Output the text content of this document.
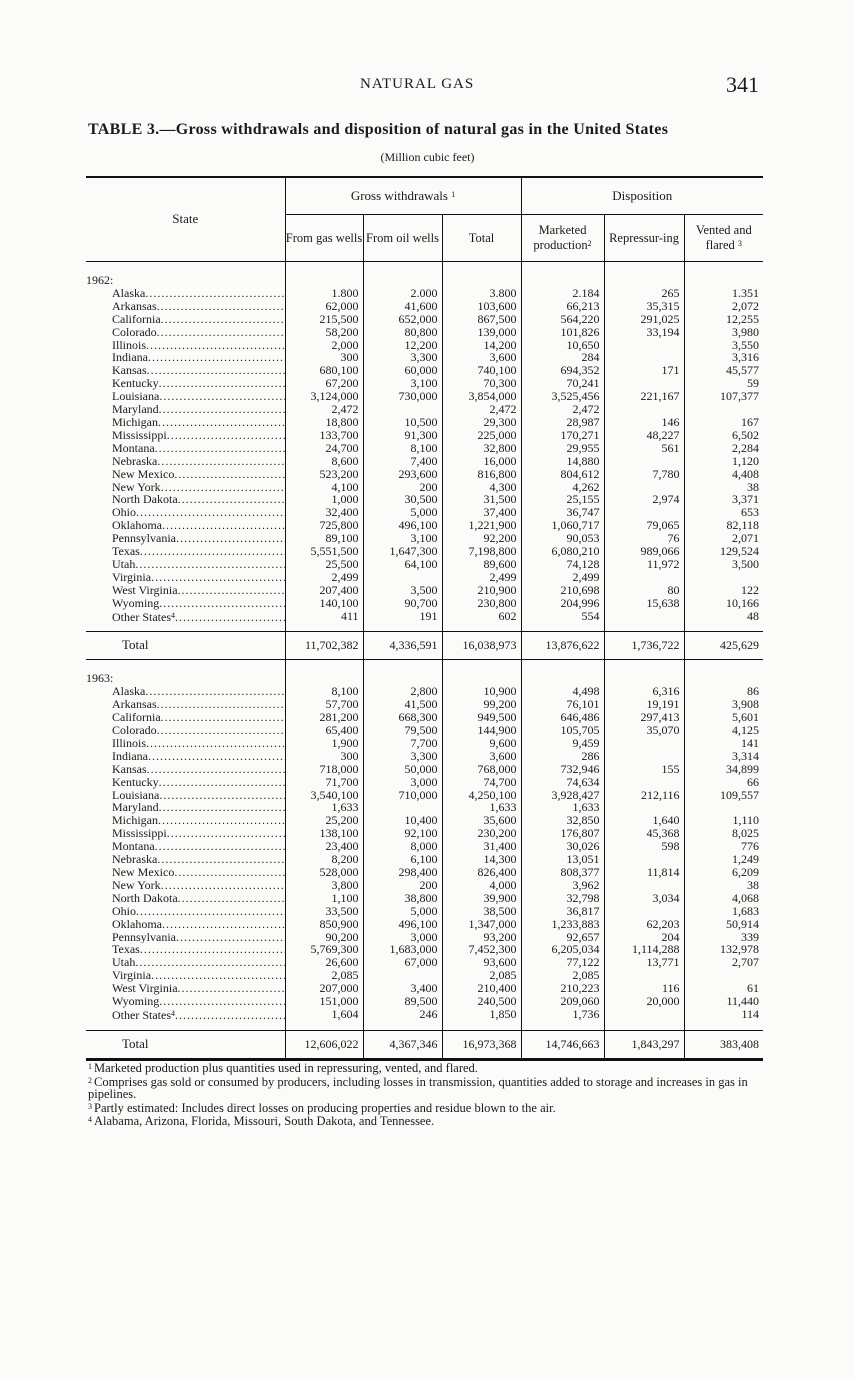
NATURAL GAS	341
TABLE 3.—Gross withdrawals and disposition of natural gas in the United States
(Million cubic feet)
State	Gross withdrawals $^1$			Disposition		
	From gas wells	From oil wells	Total	Marketed production$^2$	Repressur-ing	Vented and flared $^3$
1962:						
Alaska .....	1.800	2.000	3.800	2.184	265	1.351
Arkansas .....	62,000	41,600	103,600	66,213	35,315	2,072
California .....	215,500	652,000	867,500	564,220	291,025	12,255
Colorado .....	58,200	80,800	139,000	101,826	33,194	3,980
Illinois .....	2,000	12,200	14,200	10,650		3,550
Indiana .....	300	3,300	3,600	284		3,316
Kansas .....	680,100	60,000	740,100	694,352	171	45,577
Kentucky .....	67,200	3,100	70,300	70,241		59
Louisiana .....	3,124,000	730,000	3,854,000	3,525,456	221,167	107,377
Maryland .....	2,472		2,472	2,472		
Michigan .....	18,800	10,500	29,300	28,987	146	167
Mississippi .....	133,700	91,300	225,000	170,271	48,227	6,502
Montana .....	24,700	8,100	32,800	29,955	561	2,284
Nebraska .....	8,600	7,400	16,000	14,880		1,120
New Mexico .....	523,200	293,600	816,800	804,612	7,780	4,408
New York .....	4,100	200	4,300	4,262		38
North Dakota .....	1,000	30,500	31,500	25,155	2,974	3,371
Ohio .....	32,400	5,000	37,400	36,747		653
Oklahoma .....	725,800	496,100	1,221,900	1,060,717	79,065	82,118
Pennsylvania .....	89,100	3,100	92,200	90,053	76	2,071
Texas .....	5,551,500	1,647,300	7,198,800	6,080,210	989,066	129,524
Utah .....	25,500	64,100	89,600	74,128	11,972	3,500
Virginia .....	2,499		2,499	2,499		
West Virginia .....	207,400	3,500	210,900	210,698	80	122
Wyoming .....	140,100	90,700	230,800	204,996	15,638	10,166
Other States$^4$ .....	411	191	602	554		48

Total	11,702,382	4,336,591	16,038,973	13,876,622	1,736,722	425,629
1963:						
Alaska .....	8,100	2,800	10,900	4,498	6,316	86
Arkansas .....	57,700	41,500	99,200	76,101	19,191	3,908
California .....	281,200	668,300	949,500	646,486	297,413	5,601
Colorado .....	65,400	79,500	144,900	105,705	35,070	4,125
Illinois .....	1,900	7,700	9,600	9,459		141
Indiana .....	300	3,300	3,600	286		3,314
Kansas .....	718,000	50,000	768,000	732,946	155	34,899
Kentucky .....	71,700	3,000	74,700	74,634		66
Louisiana .....	3,540,100	710,000	4,250,100	3,928,427	212,116	109,557
Maryland .....	1,633		1,633	1,633		
Michigan .....	25,200	10,400	35,600	32,850	1,640	1,110
Mississippi .....	138,100	92,100	230,200	176,807	45,368	8,025
Montana .....	23,400	8,000	31,400	30,026	598	776
Nebraska .....	8,200	6,100	14,300	13,051		1,249
New Mexico .....	528,000	298,400	826,400	808,377	11,814	6,209
New York .....	3,800	200	4,000	3,962		38
North Dakota .....	1,100	38,800	39,900	32,798	3,034	4,068
Ohio .....	33,500	5,000	38,500	36,817		1,683
Oklahoma .....	850,900	496,100	1,347,000	1,233,883	62,203	50,914
Pennsylvania .....	90,200	3,000	93,200	92,657	204	339
Texas .....	5,769,300	1,683,000	7,452,300	6,205,034	1,114,288	132,978
Utah .....	26,600	67,000	93,600	77,122	13,771	2,707
Virginia .....	2,085		2,085	2,085		
West Virginia .....	207,000	3,400	210,400	210,223	116	61
Wyoming .....	151,000	89,500	240,500	209,060	20,000	11,440
Other States$^4$ .....	1,604	246	1,850	1,736		114

Total	12,606,022	4,367,346	16,973,368	14,746,663	1,843,297	383,408

$^1$ Marketed production plus quantities used in repressuring, vented, and flared.

$^2$ Comprises gas sold or consumed by producers, including losses in transmission, quantities added to storage and increases in gas in pipelines.

$^3$ Partly estimated: Includes direct losses on producing properties and residue blown to the air.

$^4$ Alabama, Arizona, Florida, Missouri, South Dakota, and Tennessee.
